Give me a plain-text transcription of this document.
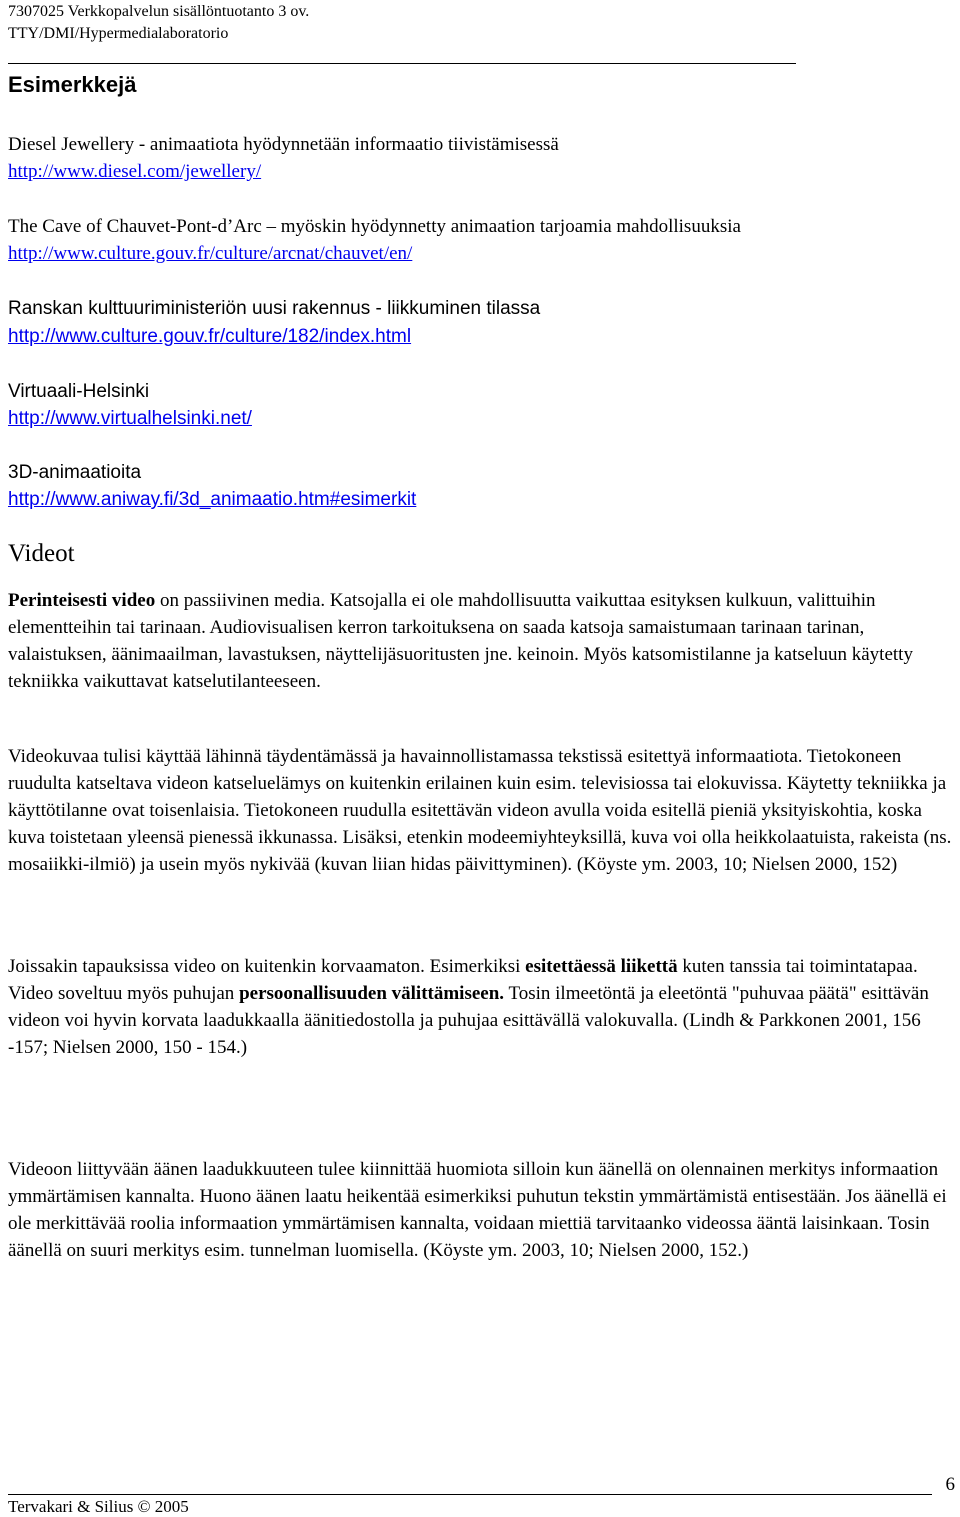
7307025 Verkkopalvelun sisällöntuotanto 3 ov.
TTY/DMI/Hypermedialaboratorio
Esimerkkejä
Diesel Jewellery - animaatiota hyödynnetään informaatio tiivistämisessä
http://www.diesel.com/jewellery/
The Cave of Chauvet-Pont-d’Arc – myöskin hyödynnetty animaation tarjoamia mahdollisuuksia
http://www.culture.gouv.fr/culture/arcnat/chauvet/en/
Ranskan kulttuuriministeriön uusi rakennus - liikkuminen tilassa
http://www.culture.gouv.fr/culture/182/index.html
Virtuaali-Helsinki
http://www.virtualhelsinki.net/
3D-animaatioita
http://www.aniway.fi/3d_animaatio.htm#esimerkit
Videot
Perinteisesti video on passiivinen media. Katsojalla ei ole mahdollisuutta vaikuttaa esityksen kulkuun, valittuihin elementteihin tai tarinaan. Audiovisualisen kerron tarkoituksena on saada katsoja samaistumaan tarinaan tarinan, valaistuksen, äänimaailman, lavastuksen, näyttelijäsuoritusten jne. keinoin. Myös katsomistilanne ja katseluun käytetty tekniikka vaikuttavat katselutilanteeseen.
Videokuvaa tulisi käyttää lähinnä täydentämässä ja havainnollistamassa tekstissä esitettyä informaatiota. Tietokoneen ruudulta katseltava videon katseluelämys on kuitenkin erilainen kuin esim. televisiossa tai elokuvissa. Käytetty tekniikka ja käyttötilanne ovat toisenlaisia. Tietokoneen ruudulla esitettävän videon avulla voida esitellä pieniä yksityiskohtia, koska kuva toistetaan yleensä pienessä ikkunassa. Lisäksi, etenkin modeemiyhteyksillä, kuva voi olla heikkolaatuista, rakeista (ns. mosaiikki-ilmiö) ja usein myös nykivää (kuvan liian hidas päivittyminen). (Köyste ym. 2003, 10; Nielsen 2000, 152)
Joissakin tapauksissa video on kuitenkin korvaamaton. Esimerkiksi esitettäessä liikettä kuten tanssia tai toimintatapaa. Video soveltuu myös puhujan persoonallisuuden välittämiseen. Tosin ilmeetöntä ja eleetöntä "puhuvaa päätä" esittävän videon voi hyvin korvata laadukkaalla äänitiedostolla ja puhujaa esittävällä valokuvalla. (Lindh & Parkkonen 2001, 156 -157; Nielsen 2000, 150 - 154.)
Videoon liittyvään äänen laadukkuuteen tulee kiinnittää huomiota silloin kun äänellä on olennainen merkitys informaation ymmärtämisen kannalta. Huono äänen laatu heikentää esimerkiksi puhutun tekstin ymmärtämistä entisestään. Jos äänellä ei ole merkittävää roolia informaation ymmärtämisen kannalta, voidaan miettiä tarvitaanko videossa ääntä laisinkaan. Tosin äänellä on suuri merkitys esim. tunnelman luomisella. (Köyste ym. 2003, 10; Nielsen 2000, 152.)
6
Tervakari & Silius © 2005
